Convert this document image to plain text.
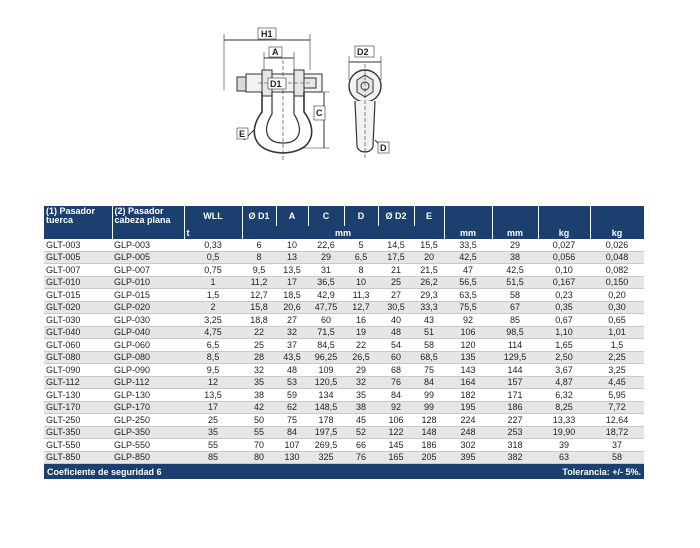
H1
A
D1
C
E
D2
D
(1) Pasador tuerca	(2) Pasador cabeza plana	WLL	Ø D1	A	C	D	Ø D2	E				
		t	mm						mm	mm	kg	kg
GLT-003	GLP-003	0,33	6	10	22,6	5	14,5	15,5	33,5	29	0,027	0,026
GLT-005	GLP-005	0,5	8	13	29	6,5	17,5	20	42,5	38	0,056	0,048
GLT-007	GLP-007	0,75	9,5	13,5	31	8	21	21,5	47	42,5	0,10	0,082
GLT-010	GLP-010	1	11,2	17	36,5	10	25	26,2	56,5	51,5	0,167	0,150
GLT-015	GLP-015	1,5	12,7	18,5	42,9	11,3	27	29,3	63,5	58	0,23	0,20
GLT-020	GLP-020	2	15,8	20,6	47,75	12,7	30,5	33,3	75,5	67	0,35	0,30
GLT-030	GLP-030	3,25	18,8	27	60	16	40	43	92	85	0,67	0,65
GLT-040	GLP-040	4,75	22	32	71,5	19	48	51	106	98,5	1,10	1,01
GLT-060	GLP-060	6,5	25	37	84,5	22	54	58	120	114	1,65	1,5
GLT-080	GLP-080	8,5	28	43,5	96,25	26,5	60	68,5	135	129,5	2,50	2,25
GLT-090	GLP-090	9,5	32	48	109	29	68	75	143	144	3,67	3,25
GLT-112	GLP-112	12	35	53	120,5	32	76	84	164	157	4,87	4,45
GLT-130	GLP-130	13,5	38	59	134	35	84	99	182	171	6,32	5,95
GLT-170	GLP-170	17	42	62	148,5	38	92	99	195	186	8,25	7,72
GLT-250	GLP-250	25	50	75	178	45	106	128	224	227	13,33	12,64
GLT-350	GLP-350	35	55	84	197,5	52	122	148	248	253	19,90	18,72
GLT-550	GLP-550	55	70	107	269,5	66	145	186	302	318	39	37
GLT-850	GLP-850	85	80	130	325	76	165	205	395	382	63	58
Coeficiente de seguridad 6							Tolerancia: +/- 5%.					
